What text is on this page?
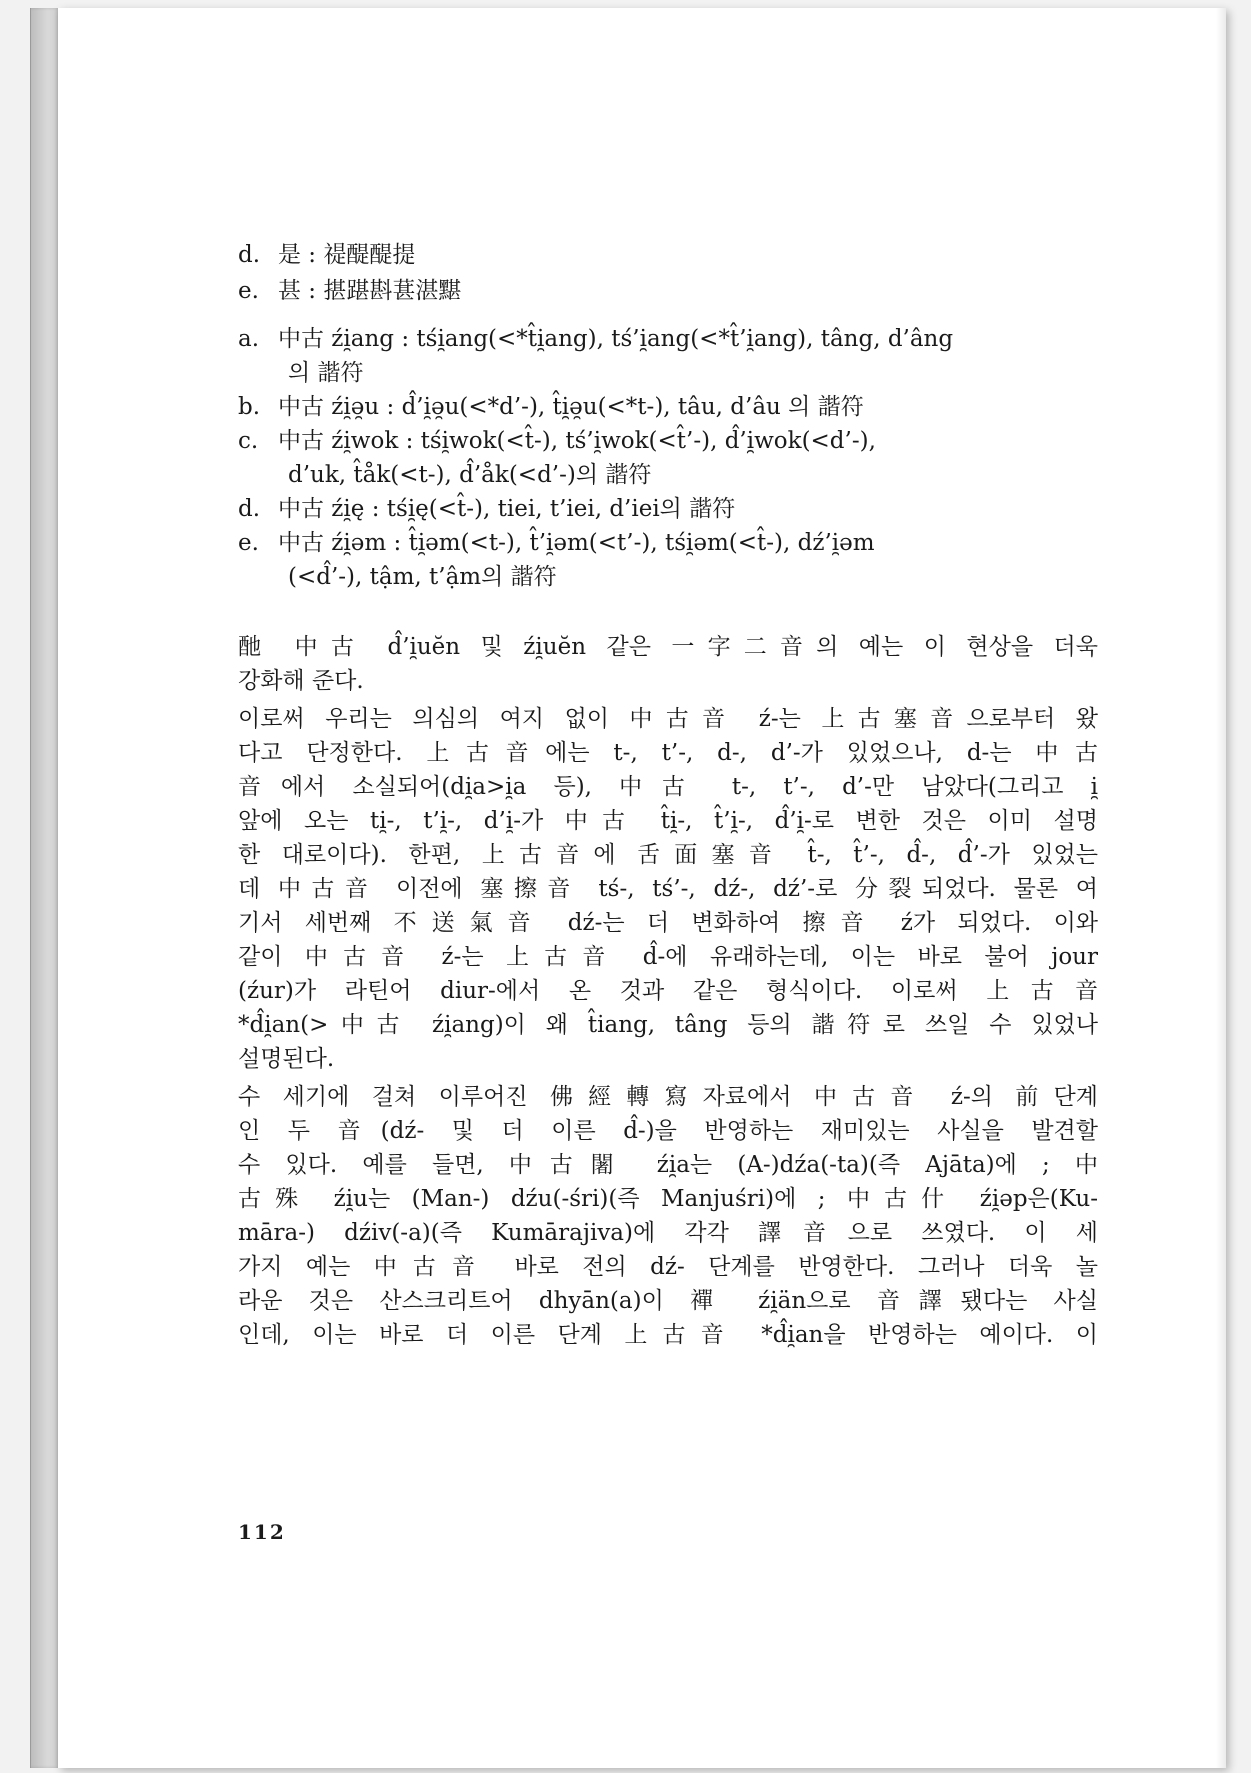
d. 是 : 禔醍醍提
e. 甚 : 揕踸斟葚湛黮
a. 中古 źi̯ang : tśi̯ang(<*t̂i̯ang), tś’i̯ang(<*t̂’i̯ang), tâng, d’âng
의 諧符
b. 中古 źi̯ə̯u : d̂’i̯ə̯u(<*d’-), t̂i̯ə̯u(<*t-), tâu, d’âu 의 諧符
c. 中古 źi̯wok : tśi̯wok(<t̂-), tś’i̯wok(<t̂’-), d̂’i̯wok(<d’-),
d’uk, t̂åk(<t-), d̂’åk(<d’-)의 諧符
d. 中古 źi̯ę : tśi̯ę(<t̂-), tiei, t’iei, d’iei의 諧符
e. 中古 źi̯əm : t̂i̯əm(<t-), t̂’i̯əm(<t’-), tśi̯əm(<t̂-), dź’i̯əm
(<d̂’-), tậm, t’ậm의 諧符
酏 中古 d̂’i̯uĕn 및 źi̯uĕn 같은 一字二音의 예는 이 현상을 더욱
강화해 준다.
이로써 우리는 의심의 여지 없이 中古音 ź-는 上古塞音으로부터 왔
다고 단정한다. 上古音에는 t-, t’-, d-, d’-가 있었으나, d-는 中古
音에서 소실되어(di̯a>i̯a 등), 中古 t-, t’-, d’-만 남았다(그리고 i̯
앞에 오는 ti̯-, t’i̯-, d’i̯-가 中古 t̂i̯-, t̂’i̯-, d̂’i̯-로 변한 것은 이미 설명
한 대로이다). 한편, 上古音에 舌面塞音 t̂-, t̂’-, d̂-, d̂’-가 있었는
데 中古音 이전에 塞擦音 tś-, tś’-, dź-, dź’-로 分裂되었다. 물론 여
기서 세번째 不送氣音 dź-는 더 변화하여 擦音 ź가 되었다. 이와
같이 中古音 ź-는 上古音 d̂-에 유래하는데, 이는 바로 불어 jour
(źur)가 라틴어 diur-에서 온 것과 같은 형식이다. 이로써 上古音
*d̂i̯an(>中古 źi̯ang)이 왜 t̂iang, tâng 등의 諧符로 쓰일 수 있었나
설명된다.
수 세기에 걸쳐 이루어진 佛經轉寫자료에서 中古音 ź-의 前단계
인 두 音(dź- 및 더 이른 d̂-)을 반영하는 재미있는 사실을 발견할
수 있다. 예를 들면, 中古闍 źi̯a는 (A-)dźa(-ta)(즉 Ajāta)에 ; 中
古殊 źi̯u는 (Man-) dźu(-śri)(즉 Manjuśri)에 ; 中古什 źi̯əp은(Ku-
māra-) dźiv(-a)(즉 Kumārajiva)에 각각 譯音으로 쓰였다. 이 세
가지 예는 中古音 바로 전의 dź- 단계를 반영한다. 그러나 더욱 놀
라운 것은 산스크리트어 dhyān(a)이 禪 źi̯än으로 音譯됐다는 사실
인데, 이는 바로 더 이른 단계 上古音 *d̂i̯an을 반영하는 예이다. 이
112
